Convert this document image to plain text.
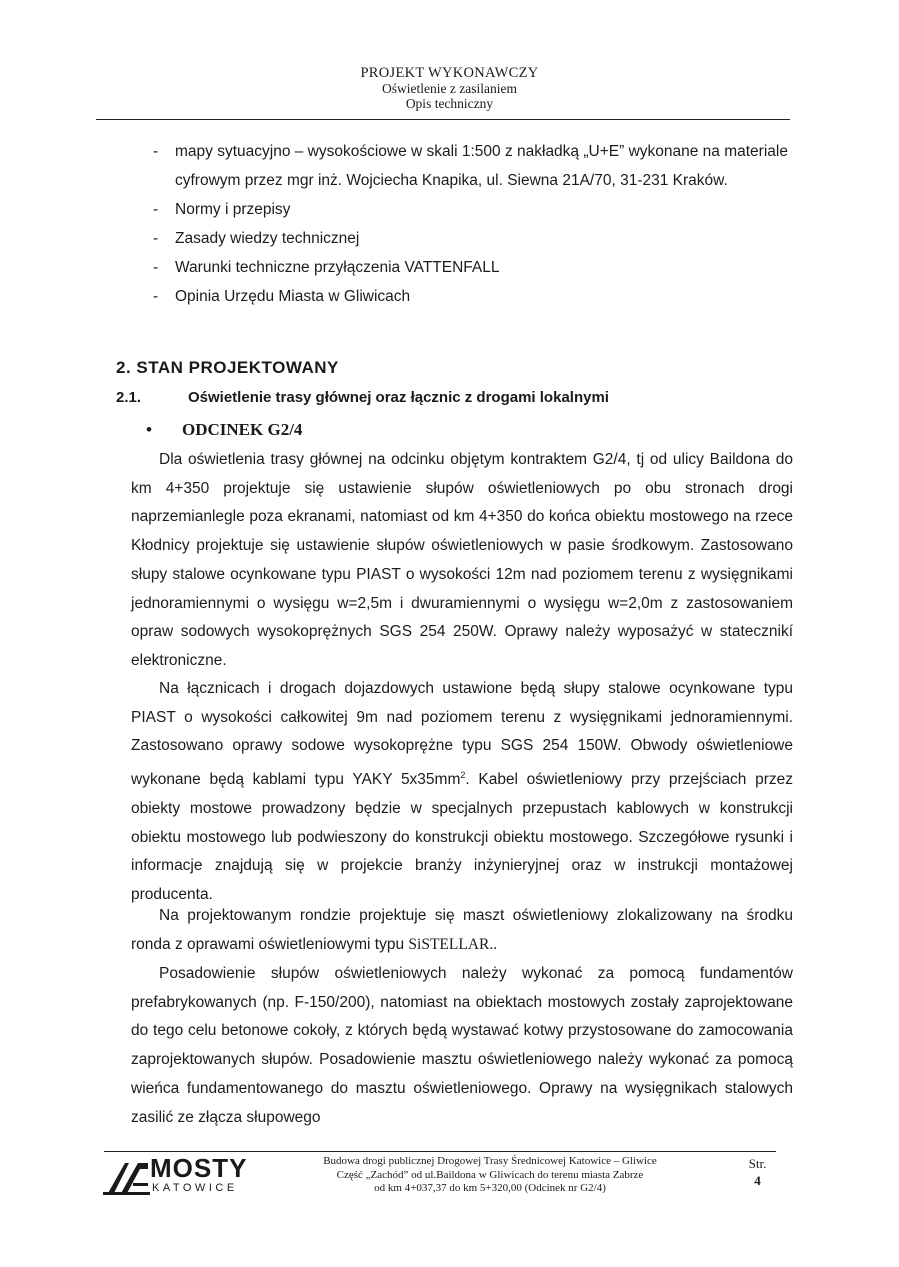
PROJEKT WYKONAWCZY
Oświetlenie z zasilaniem
Opis techniczny
- mapy sytuacyjno – wysokościowe w skali 1:500 z nakładką „U+E” wykonane na materiale cyfrowym przez mgr inż. Wojciecha Knapika, ul. Siewna 21A/70, 31-231 Kraków.
- Normy i przepisy
- Zasady wiedzy technicznej
- Warunki techniczne przyłączenia VATTENFALL
- Opinia Urzędu Miasta w Gliwicach
2. STAN PROJEKTOWANY
2.1.	Oświetlenie trasy głównej oraz łącznic z drogami lokalnymi
• ODCINEK G2/4
Dla oświetlenia trasy głównej na odcinku objętym kontraktem G2/4, tj od ulicy Baildona do km 4+350 projektuje się ustawienie słupów oświetleniowych po obu stronach drogi naprzemianlegle poza ekranami, natomiast od km 4+350 do końca obiektu mostowego na rzece Kłodnicy projektuje się ustawienie słupów oświetleniowych w pasie środkowym. Zastosowano słupy stalowe ocynkowane typu PIAST o wysokości 12m nad poziomem terenu z wysięgnikami jednoramiennymi o wysięgu w=2,5m i dwuramiennymi o wysięgu w=2,0m z zastosowaniem opraw sodowych wysokoprężnych SGS 254 250W. Oprawy należy wyposażyć w statecznikí elektroniczne.
Na łącznicach i drogach dojazdowych ustawione będą słupy stalowe ocynkowane typu PIAST o wysokości całkowitej 9m nad poziomem terenu z wysięgnikami jednoramiennymi. Zastosowano oprawy sodowe wysokoprężne typu SGS 254 150W. Obwody oświetleniowe wykonane będą kablami typu YAKY $5x35mm^2$. Kabel oświetleniowy przy przejściach przez obiekty mostowe prowadzony będzie w specjalnych przepustach kablowych w konstrukcji obiektu mostowego lub podwieszony do konstrukcji obiektu mostowego. Szczegółowe rysunki i informacje znajdują się w projekcie branży inżynieryjnej oraz w instrukcji montażowej producenta.
Na projektowanym rondzie projektuje się maszt oświetleniowy zlokalizowany na środku ronda z oprawami oświetleniowymi typu SiSTELLAR..
Posadowienie słupów oświetleniowych należy wykonać za pomocą fundamentów prefabrykowanych (np. F-150/200), natomiast na obiektach mostowych zostały zaprojektowane do tego celu betonowe cokoły, z których będą wystawać kotwy przystosowane do zamocowania zaprojektowanych słupów. Posadowienie masztu oświetleniowego należy wykonać za pomocą wieńca fundamentowanego do masztu oświetleniowego. Oprawy na wysięgnikach stalowych zasilić ze złącza słupowego
MOSTY
KATOWICE
Budowa drogi publicznej Drogowej Trasy Średnicowej Katowice – Gliwice
Część „Zachód” od ul.Baildona w Gliwicach do terenu miasta Zabrze
od km 4+037,37 do km 5+320,00 (Odcinek nr G2/4)
Str.
4
